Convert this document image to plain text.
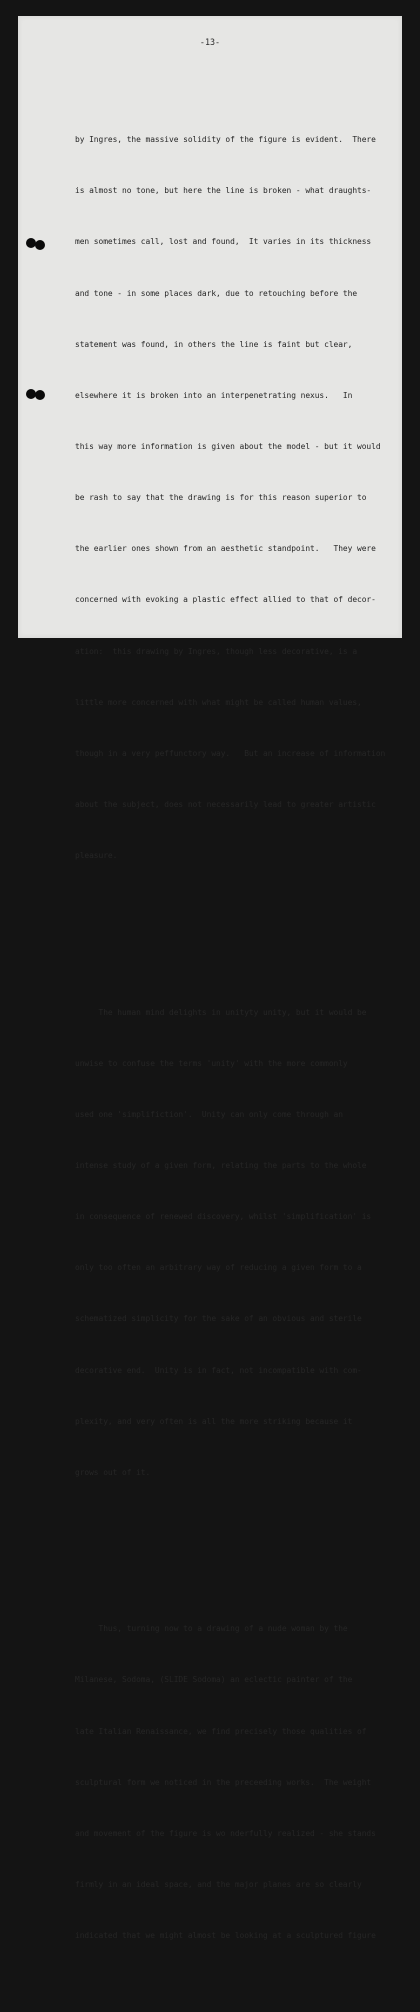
-13-

by Ingres, the massive solidity of the figure is evident.  There

is almost no tone, but here the line is broken - what draughts-

men sometimes call, lost and found,  It varies in its thickness

and tone - in some places dark, due to retouching before the

statement was found, in others the line is faint but clear,

elsewhere it is broken into an interpenetrating nexus.   In

this way more information is given about the model - but it would

be rash to say that the drawing is for this reason superior to

the earlier ones shown from an aesthetic standpoint.   They were

concerned with evoking a plastic effect allied to that of decor-

ation:  this drawing by Ingres, though less decorative, is a

little more concerned with what might be called human values,

though in a very peffunctory way.   But an increase of information

about the subject, does not necessarily lead to greater artistic

pleasure.

The human mind delights in unityty unity, but it would be

unwise to confuse the terms 'unity' with the more commonly

used one 'simplifiction'.  Unity can only come through an

intense study of a given form, relating the parts to the whole

in consequence of renewed discovery, whilst 'simplification' is

only too often an arbitrary way of reducing a given form to a

schematized simplicity for the sake of an obvious and sterile

decorative end.  Unity is in fact, not incompatible with com-

plexity, and very often is all the more striking because it

grows out of it.

Thus, turning now to a drawing of a nude woman by the

Milanese, Sodoma, (SLIDE Sodoma) an eclectic painter of the

late Italian Renaissance, we find precisely those qualities of

sculptural form we noticed in the preceeding works.  The weight

and movement of the figure is wo nderfully realized - she stands

firmly in an ideal space, and the major planes are so clearly

indicated that we might almost be looking at a sculptured figure
